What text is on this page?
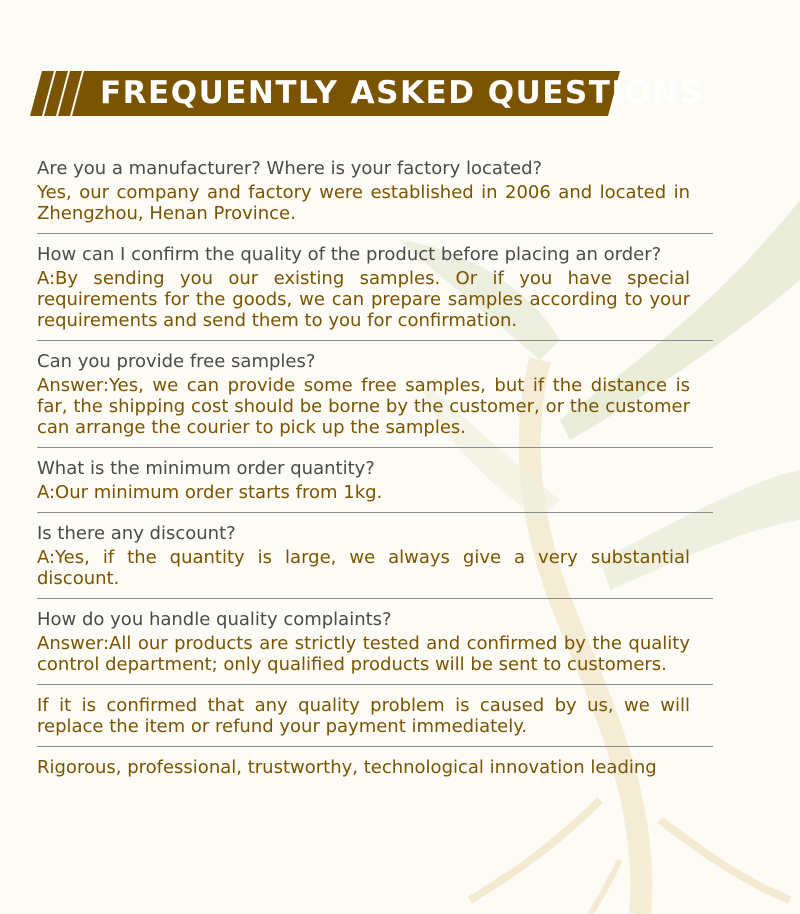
FREQUENTLY ASKED QUESTIONS

Are you a manufacturer? Where is your factory located?

Yes, our company and factory were established in 2006 and located in Zhengzhou, Henan Province.

How can I confirm the quality of the product before placing an order?

A:By sending you our existing samples. Or if you have special requirements for the goods, we can prepare samples according to your requirements and send them to you for confirmation.

Can you provide free samples?

Answer:Yes, we can provide some free samples, but if the distance is far, the shipping cost should be borne by the customer, or the customer can arrange the courier to pick up the samples.

What is the minimum order quantity?

A:Our minimum order starts from 1kg.

Is there any discount?

A:Yes, if the quantity is large, we always give a very substantial discount.

How do you handle quality complaints?

Answer:All our products are strictly tested and confirmed by the quality control department; only qualified products will be sent to customers.

If it is confirmed that any quality problem is caused by us, we will replace the item or refund your payment immediately.

Rigorous, professional, trustworthy, technological innovation leading
